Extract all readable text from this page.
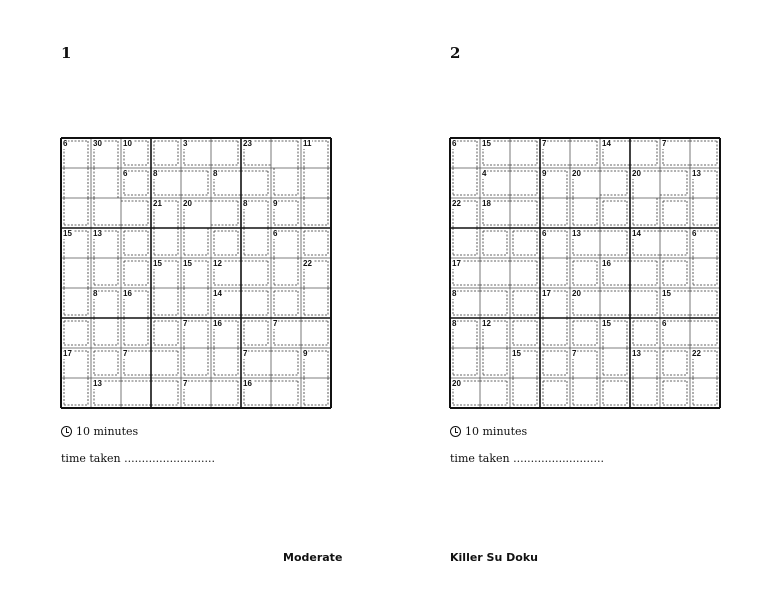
1	2
6	30	10
6
3	23	11
8	8
21	20	8	9
15	13	6
15	15	12	22
8	16	14
7	16	7
17	7	7	9
13	7	16
6	15	7	14	7
4	9	20	20	13
22	18
6	13	14	6
17	16
8	17	20	15
8	12	15	6
15	7	13	22
20
10 minutes	10 minutes
time taken ..........................	time taken ..........................
Moderate	Killer Su Doku
